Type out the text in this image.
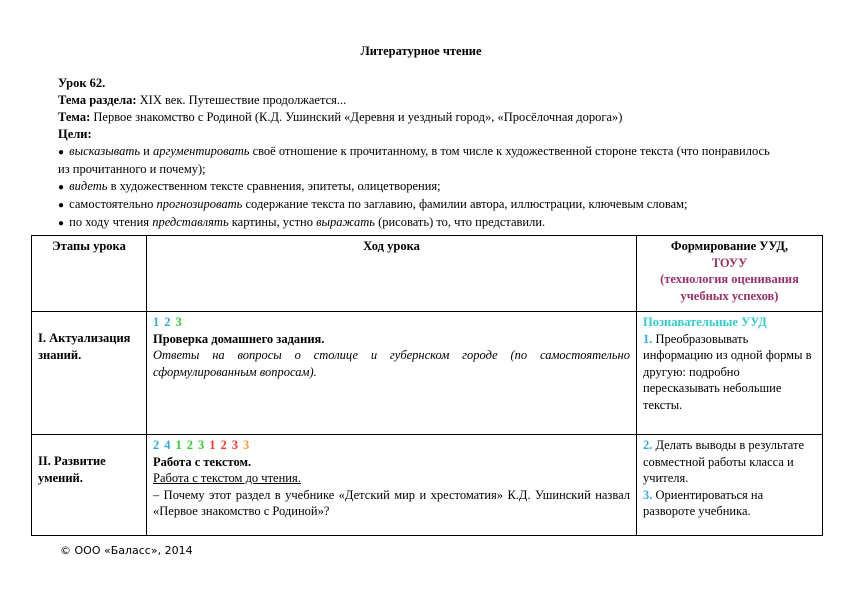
Литературное чтение
Урок 62.
Тема раздела: XIX век. Путешествие продолжается...
Тема: Первое знакомство с Родиной (К.Д. Ушинский «Деревня и уездный город», «Просёлочная дорога»)
Цели:
● высказывать и аргументировать своё отношение к прочитанному, в том числе к художественной стороне текста (что понравилось из прочитанного и почему);
● видеть в художественном тексте сравнения, эпитеты, олицетворения;
● самостоятельно прогнозировать содержание текста по заглавию, фамилии автора, иллюстрации, ключевым словам;
● по ходу чтения представлять картины, устно выражать (рисовать) то, что представили.
Этапы урока	Ход урока	Формирование УУД,
ТОУУ
(технология оценивания учебных успехов)

I. Актуализация знаний.	1 2 3
Проверка домашнего задания.
Ответы на вопросы о столице и губернском городе (по самостоятельно сформулированным вопросам).	Познавательные УУД
1. Преобразовывать информацию из одной формы в другую: подробно пересказывать небольшие тексты.
II. Развитие умений.	2 4 1 2 3 1 2 3 3
Работа с текстом.
Работа с текстом до чтения.
– Почему этот раздел в учебнике «Детский мир и хрестоматия» К.Д. Ушинский назвал «Первое знакомство с Родиной»?	2. Делать выводы в результате совместной работы класса и учителя.
3. Ориентироваться на развороте учебника.
© ООО «Баласс», 2014
